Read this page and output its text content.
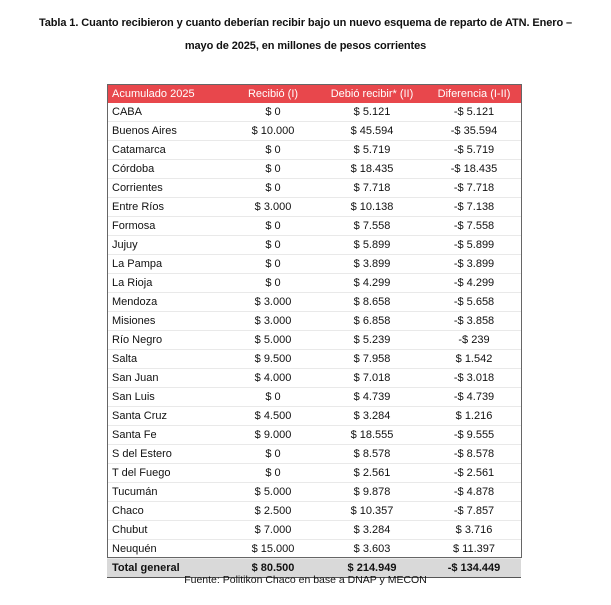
Tabla 1. Cuanto recibieron y cuanto deberían recibir bajo un nuevo esquema de reparto de ATN. Enero –
mayo de 2025, en millones de pesos corrientes
Acumulado 2025	Recibió (I)	Debió recibir* (II)	Diferencia (I-II)
CABA	$ 0	$ 5.121	-$ 5.121
Buenos Aires	$ 10.000	$ 45.594	-$ 35.594
Catamarca	$ 0	$ 5.719	-$ 5.719
Córdoba	$ 0	$ 18.435	-$ 18.435
Corrientes	$ 0	$ 7.718	-$ 7.718
Entre Ríos	$ 3.000	$ 10.138	-$ 7.138
Formosa	$ 0	$ 7.558	-$ 7.558
Jujuy	$ 0	$ 5.899	-$ 5.899
La Pampa	$ 0	$ 3.899	-$ 3.899
La Rioja	$ 0	$ 4.299	-$ 4.299
Mendoza	$ 3.000	$ 8.658	-$ 5.658
Misiones	$ 3.000	$ 6.858	-$ 3.858
Río Negro	$ 5.000	$ 5.239	-$ 239
Salta	$ 9.500	$ 7.958	$ 1.542
San Juan	$ 4.000	$ 7.018	-$ 3.018
San Luis	$ 0	$ 4.739	-$ 4.739
Santa Cruz	$ 4.500	$ 3.284	$ 1.216
Santa Fe	$ 9.000	$ 18.555	-$ 9.555
S del Estero	$ 0	$ 8.578	-$ 8.578
T del Fuego	$ 0	$ 2.561	-$ 2.561
Tucumán	$ 5.000	$ 9.878	-$ 4.878
Chaco	$ 2.500	$ 10.357	-$ 7.857
Chubut	$ 7.000	$ 3.284	$ 3.716
Neuquén	$ 15.000	$ 3.603	$ 11.397
Total general	$ 80.500	$ 214.949	-$ 134.449
Fuente: Politikon Chaco en base a DNAP y MECON
